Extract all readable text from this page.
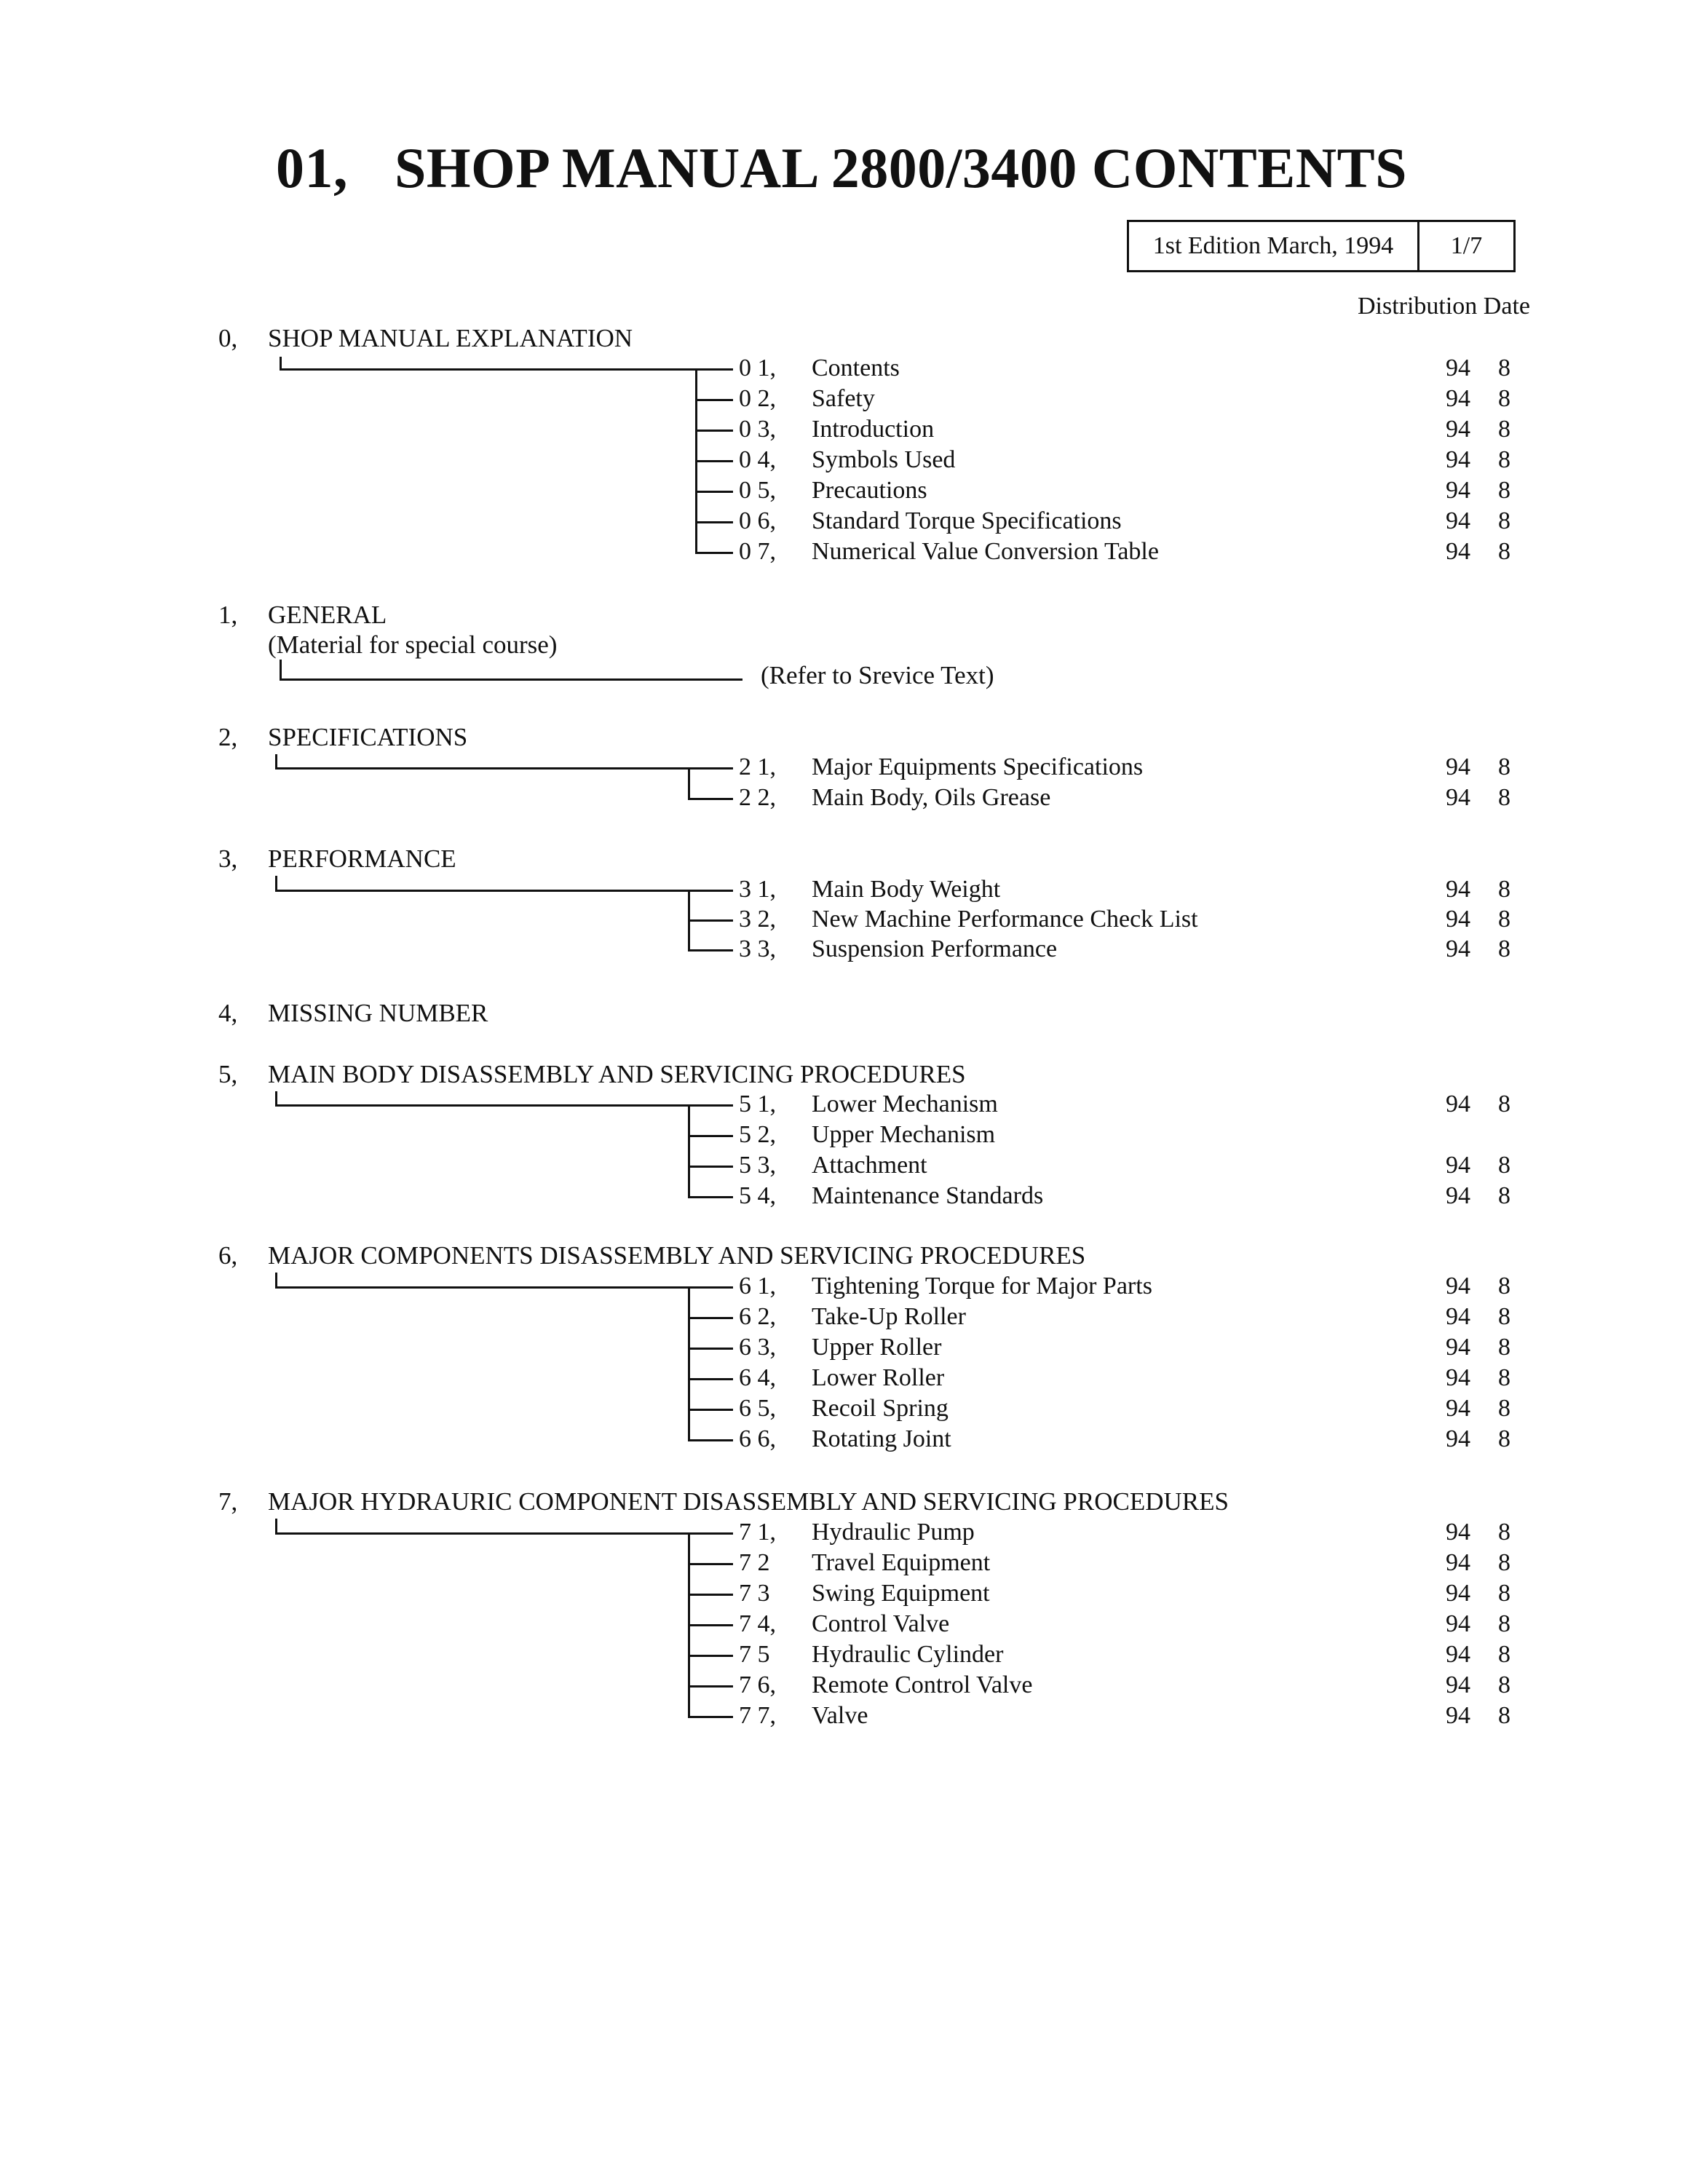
01, SHOP MANUAL 2800/3400 CONTENTS
1st Edition March, 1994	1/7
Distribution Date
0, SHOP MANUAL EXPLANATION
1, GENERAL
(Material for special course)
(Refer to Srevice Text)
2, SPECIFICATIONS
3, PERFORMANCE
4, MISSING NUMBER
5, MAIN BODY DISASSEMBLY AND SERVICING PROCEDURES
6, MAJOR COMPONENTS DISASSEMBLY AND SERVICING PROCEDURES
7, MAJOR HYDRAURIC COMPONENT DISASSEMBLY AND SERVICING PROCEDURES
0 1,	Contents	94	8
0 2,	Safety	94	8
0 3,	Introduction	94	8
0 4,	Symbols Used	94	8
0 5,	Precautions	94	8
0 6,	Standard Torque Specifications	94	8
0 7,	Numerical Value Conversion Table	94	8
2 1,	Major Equipments Specifications	94	8
2 2,	Main Body, Oils Grease	94	8
3 1,	Main Body Weight	94	8
3 2,	New Machine Performance Check List	94	8
3 3,	Suspension Performance	94	8
5 1,	Lower Mechanism	94	8
5 2,	Upper Mechanism
5 3,	Attachment	94	8
5 4,	Maintenance Standards	94	8
6 1,	Tightening Torque for Major Parts	94	8
6 2,	Take-Up Roller	94	8
6 3,	Upper Roller	94	8
6 4,	Lower Roller	94	8
6 5,	Recoil Spring	94	8
6 6,	Rotating Joint	94	8
7 1,	Hydraulic Pump	94	8
7 2	Travel Equipment	94	8
7 3	Swing Equipment	94	8
7 4,	Control Valve	94	8
7 5	Hydraulic Cylinder	94	8
7 6,	Remote Control Valve	94	8
7 7,	Valve	94	8
